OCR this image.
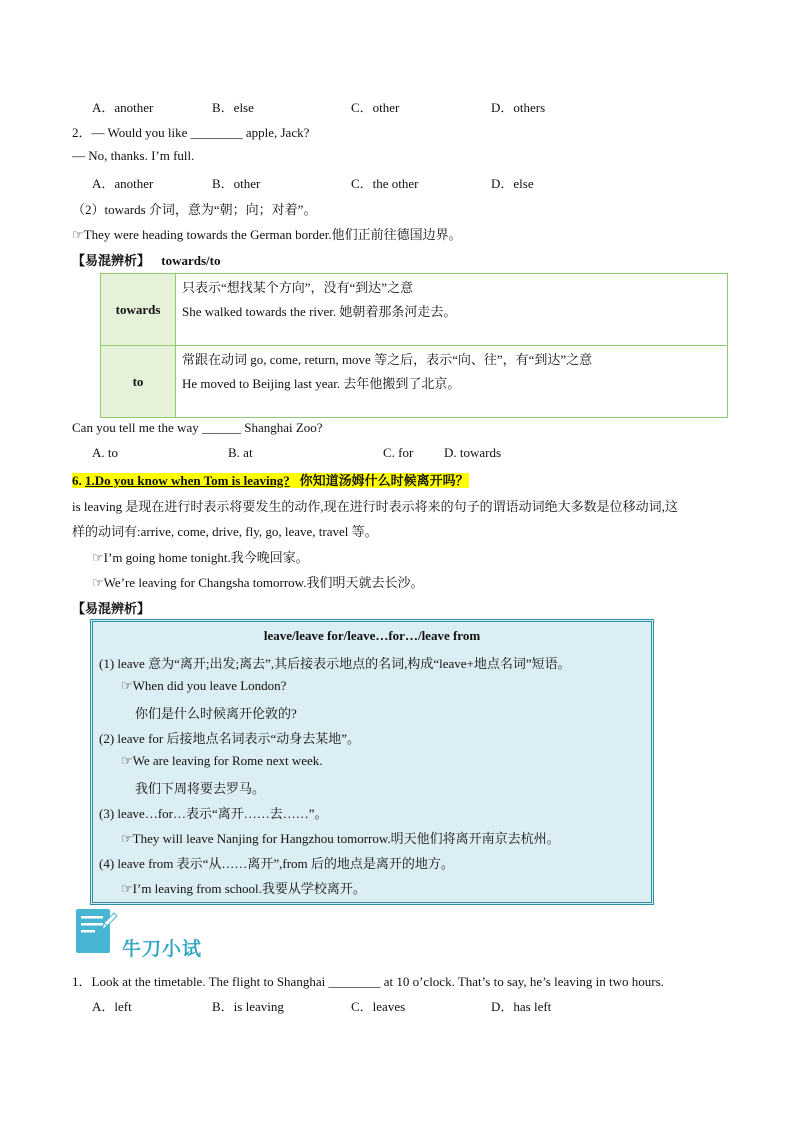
A．another	B．else	C．other	D．others
2．— Would you like ________ apple, Jack?
— No, thanks. I’m full.
A．another	B．other	C．the other	D．else
（2）towards 介词，意为“朝；向；对着”。
☞They were heading towards the German border.他们正前往德国边界。
【易混辨析】 towards/to
towards	只表示“想找某个方向”，没有“到达”之意
She walked towards the river. 她朝着那条河走去。

to	常跟在动词 go, come, return, move 等之后，表示“向、往”，有“到达”之意
He moved to Beijing last year. 去年他搬到了北京。
Can you tell me the way ______ Shanghai Zoo?
A. to	B. at	C. for D. towards
6. 1.Do you know when Tom is leaving? 你知道汤姆什么时候离开吗？
is leaving 是现在进行时表示将要发生的动作,现在进行时表示将来的句子的谓语动词绝大多数是位移动词,这
样的动词有:arrive, come, drive, fly, go, leave, travel 等。
☞I’m going home tonight.我今晚回家。
☞We’re leaving for Changsha tomorrow.我们明天就去长沙。
【易混辨析】
leave/leave for/leave…for…/leave from
(1) leave 意为“离开;出发;离去”,其后接表示地点的名词,构成“leave+地点名词”短语。
☞When did you leave London?
你们是什么时候离开伦敦的?
(2) leave for 后接地点名词表示“动身去某地”。
☞We are leaving for Rome next week.
我们下周将要去罗马。
(3) leave…for…表示“离开……去……”。
☞They will leave Nanjing for Hangzhou tomorrow.明天他们将离开南京去杭州。
(4) leave from 表示“从……离开”,from 后的地点是离开的地方。
☞I’m leaving from school.我要从学校离开。
牛刀小试
1．Look at the timetable. The flight to Shanghai ________ at 10 o’clock. That’s to say, he’s leaving in two hours.
A．left	B．is leaving	C．leaves	D．has left
